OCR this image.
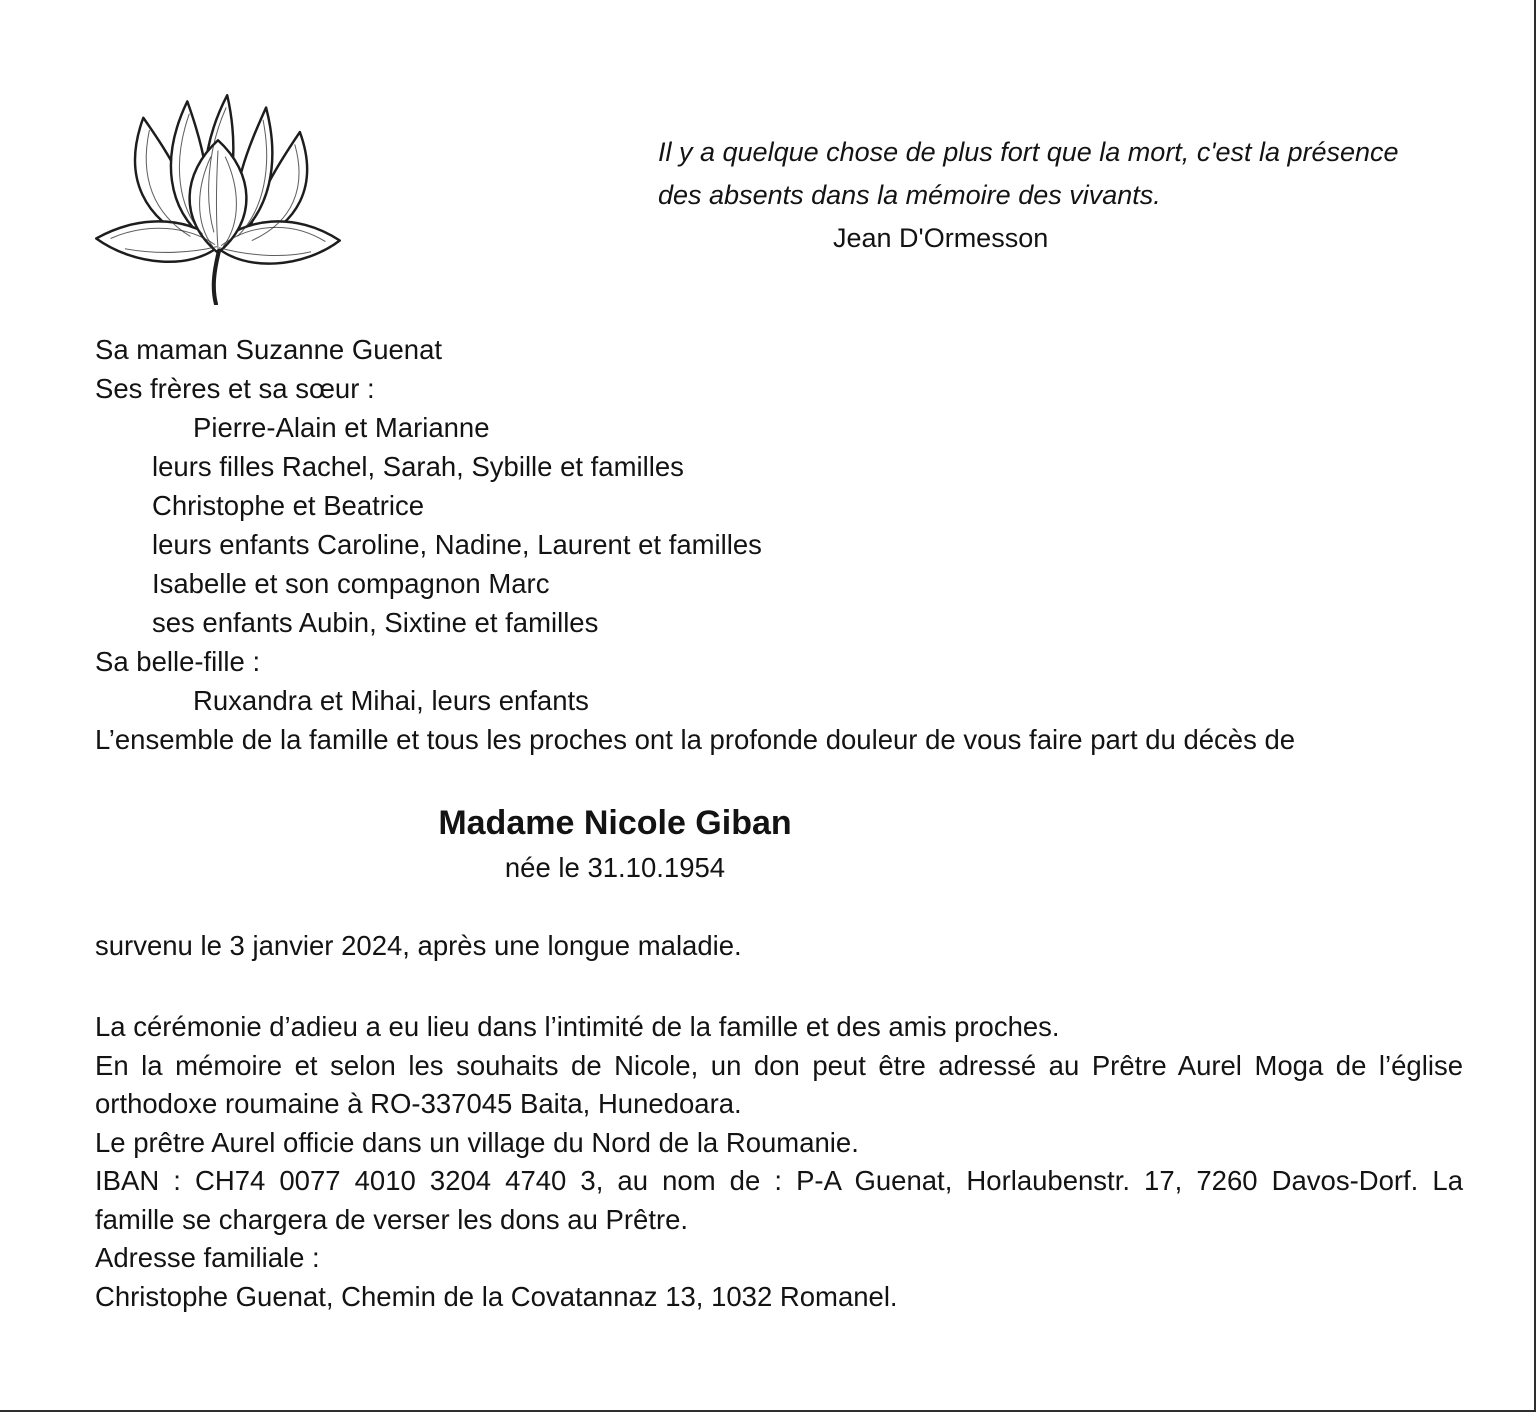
Il y a quelque chose de plus fort que la mort, c'est la présence
des absents dans la mémoire des vivants.
Jean D'Ormesson
Sa maman Suzanne Guenat
Ses frères et sa sœur :
Pierre-Alain et Marianne
leurs filles Rachel, Sarah, Sybille et familles
Christophe et Beatrice
leurs enfants Caroline, Nadine, Laurent et familles
Isabelle et son compagnon Marc
ses enfants Aubin, Sixtine et familles
Sa belle-fille :
Ruxandra et Mihai, leurs enfants
L’ensemble de la famille et tous les proches ont la profonde douleur de vous faire part du décès de
Madame Nicole Giban
née le 31.10.1954
survenu le 3 janvier 2024, après une longue maladie.
La cérémonie d’adieu a eu lieu dans l’intimité de la famille et des amis proches.
En la mémoire et selon les souhaits de Nicole, un don peut être adressé au Prêtre Aurel Moga de l’église
orthodoxe roumaine à RO-337045 Baita, Hunedoara.
Le prêtre Aurel officie dans un village du Nord de la Roumanie.
IBAN : CH74 0077 4010 3204 4740 3, au nom de : P-A Guenat, Horlaubenstr. 17, 7260 Davos-Dorf. La
famille se chargera de verser les dons au Prêtre.
Adresse familiale :
Christophe Guenat, Chemin de la Covatannaz 13, 1032 Romanel.
